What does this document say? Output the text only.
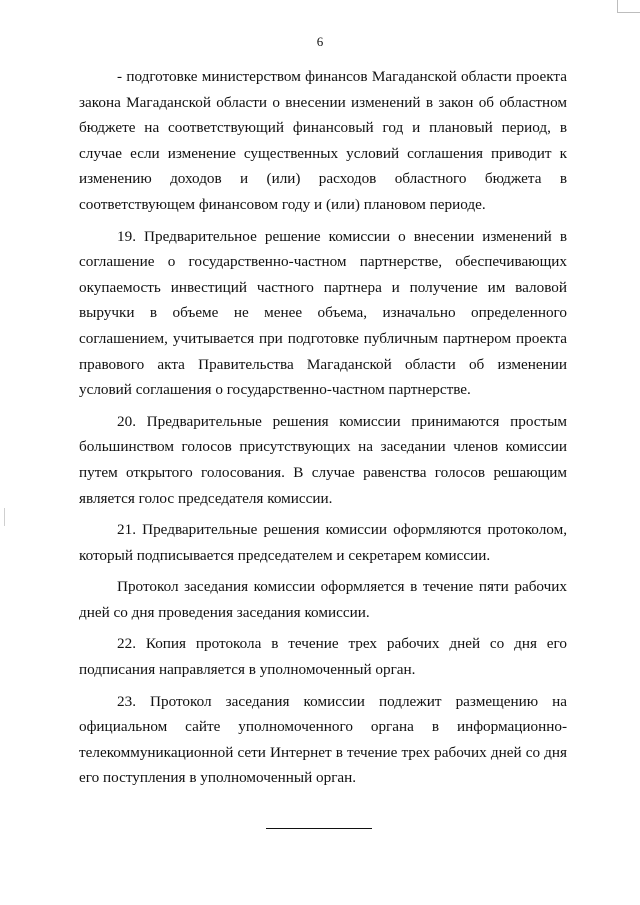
6

- подготовке министерством финансов Магаданской области проекта закона Магаданской области о внесении изменений в закон об областном бюджете на соответствующий финансовый год и плановый период, в случае если изменение существенных условий соглашения приводит к изменению доходов и (или) расходов областного бюджета в соответствующем финансовом году и (или) плановом периоде.

19. Предварительное решение комиссии о внесении изменений в соглашение о государственно-частном партнерстве, обеспечивающих окупаемость инвестиций частного партнера и получение им валовой выручки в объеме не менее объема, изначально определенного соглашением, учитывается при подготовке публичным партнером проекта правового акта Правительства Магаданской области об изменении условий соглашения о государственно-частном партнерстве.

20. Предварительные решения комиссии принимаются простым большинством голосов присутствующих на заседании членов комиссии путем открытого голосования. В случае равенства голосов решающим является голос председателя комиссии.

21. Предварительные решения комиссии оформляются протоколом, который подписывается председателем и секретарем комиссии.

Протокол заседания комиссии оформляется в течение пяти рабочих дней со дня проведения заседания комиссии.

22. Копия протокола в течение трех рабочих дней со дня его подписания направляется в уполномоченный орган.

23. Протокол заседания комиссии подлежит размещению на официальном сайте уполномоченного органа в информационно-телекоммуникационной сети Интернет в течение трех рабочих дней со дня его поступления в уполномоченный орган.
